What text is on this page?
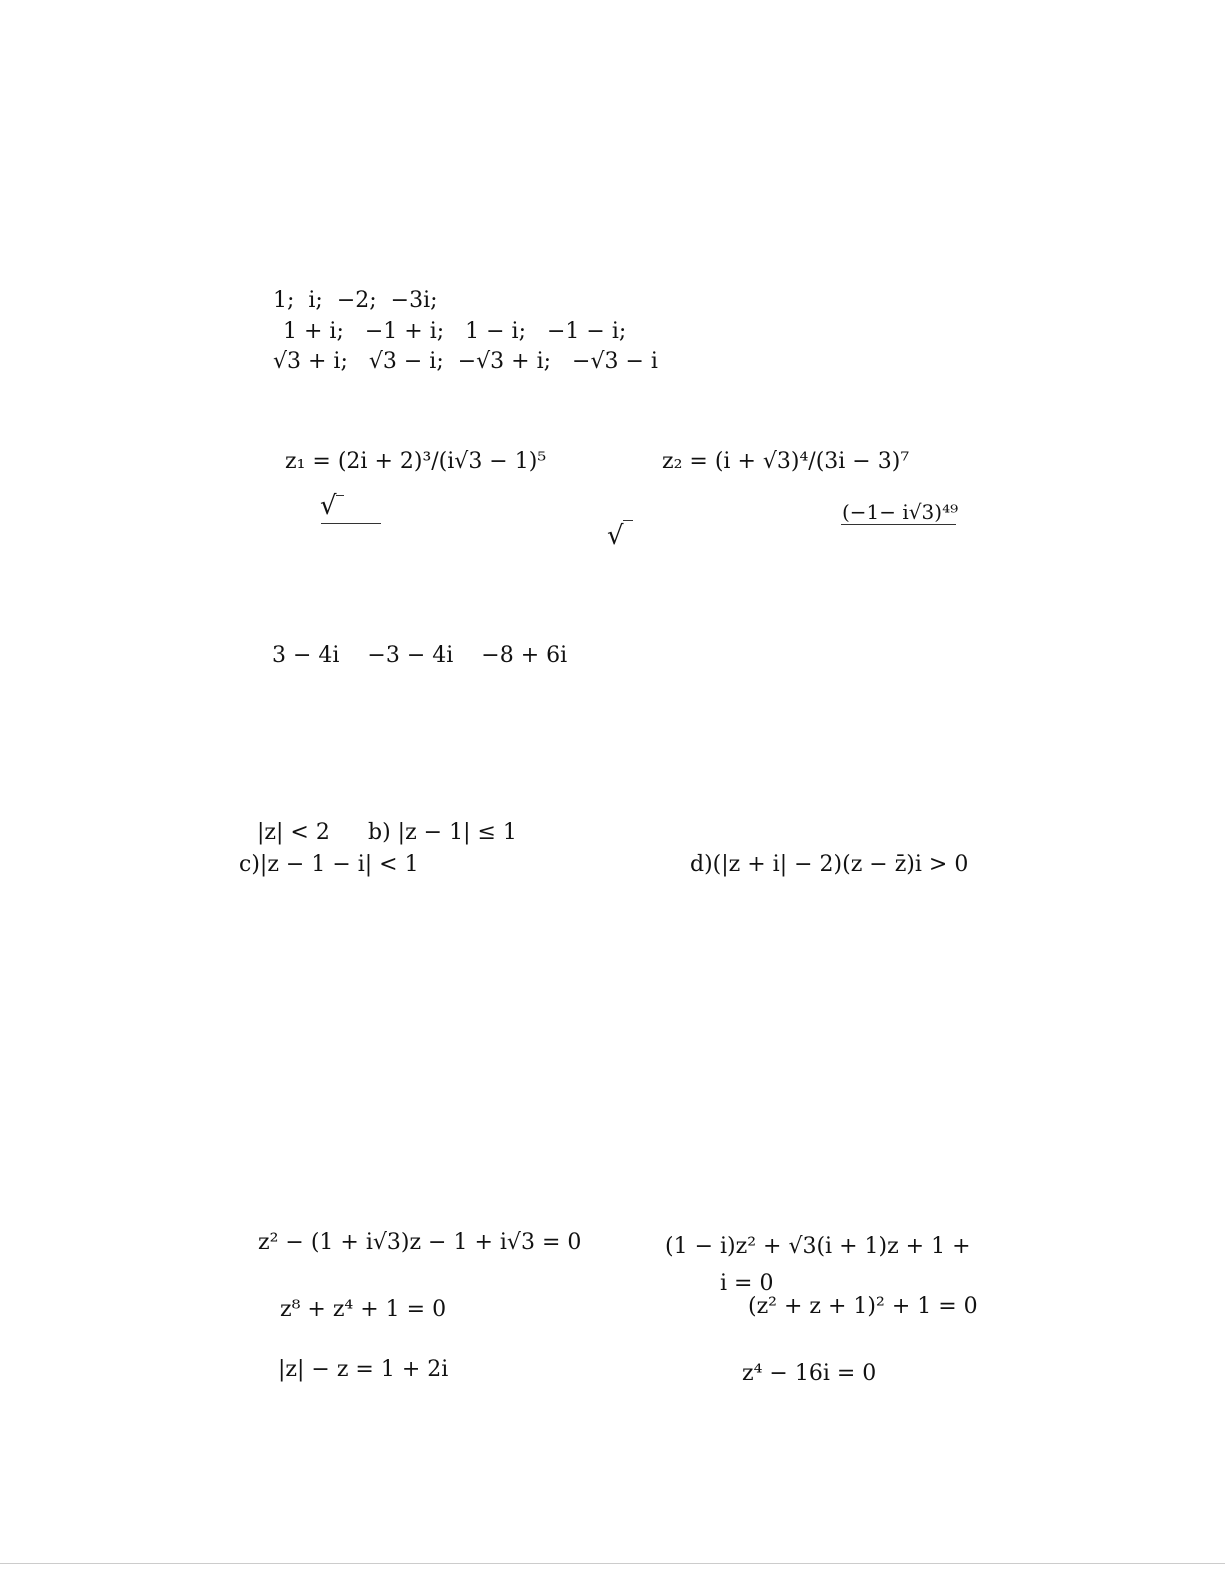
1;  i;  −2;  −3i;
1 + i;   −1 + i;   1 − i;   −1 − i;
√3 + i;   √3 − i;  −√3 + i;   −√3 − i
z₁ = (2i + 2)³/(i√3 − 1)⁵	z₂ = (i + √3)⁴/(3i − 3)⁷
√
√
(−1− i√3)⁴⁹
3 − 4i    −3 − 4i    −8 + 6i
|z| < 2 b) |z − 1| ≤ 1
c)|z − 1 − i| < 1	d)(|z + i| − 2)(z − z̄)i > 0
z² − (1 + i√3)z − 1 + i√3 = 0	(1 − i)z² + √3(i + 1)z + 1 +
i = 0
z⁸ + z⁴ + 1 = 0	(z² + z + 1)² + 1 = 0
|z| − z = 1 + 2i	z⁴ − 16i = 0
